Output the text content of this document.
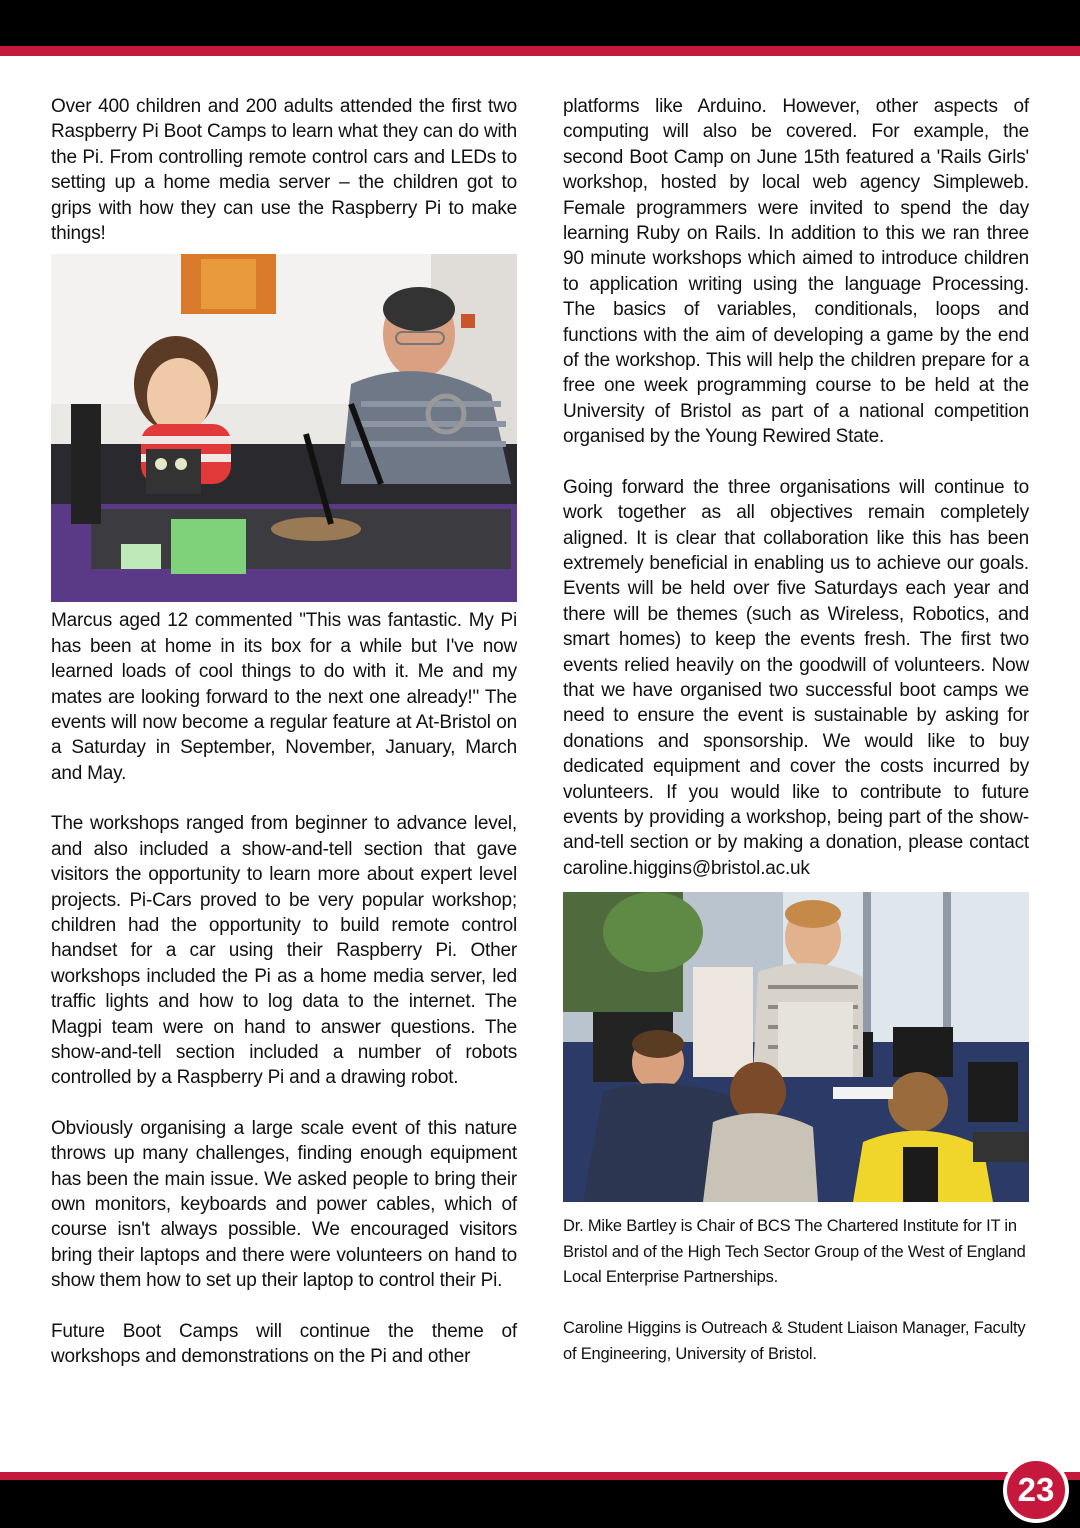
Over 400 children and 200 adults attended the first two Raspberry Pi Boot Camps to learn what they can do with the Pi. From controlling remote control cars and LEDs to setting up a home media server – the children got to grips with how they can use the Raspberry Pi to make things!

Marcus aged 12 commented "This was fantastic. My Pi has been at home in its box for a while but I've now learned loads of cool things to do with it. Me and my mates are looking forward to the next one already!" The events will now become a regular feature at At-Bristol on a Saturday in September, November, January, March and May.

The workshops ranged from beginner to advance level, and also included a show-and-tell section that gave visitors the opportunity to learn more about expert level projects. Pi-Cars proved to be very popular workshop; children had the opportunity to build remote control handset for a car using their Raspberry Pi. Other workshops included the Pi as a home media server, led traffic lights and how to log data to the internet. The Magpi team were on hand to answer questions. The show-and-tell section included a number of robots controlled by a Raspberry Pi and a drawing robot.

Obviously organising a large scale event of this nature throws up many challenges, finding enough equipment has been the main issue. We asked people to bring their own monitors, keyboards and power cables, which of course isn't always possible. We encouraged visitors bring their laptops and there were volunteers on hand to show them how to set up their laptop to control their Pi.

Future Boot Camps will continue the theme of workshops and demonstrations on the Pi and other

platforms like Arduino. However, other aspects of computing will also be covered. For example, the second Boot Camp on June 15th featured a 'Rails Girls' workshop, hosted by local web agency Simpleweb. Female programmers were invited to spend the day learning Ruby on Rails. In addition to this we ran three 90 minute workshops which aimed to introduce children to application writing using the language Processing. The basics of variables, conditionals, loops and functions with the aim of developing a game by the end of the workshop. This will help the children prepare for a free one week programming course to be held at the University of Bristol as part of a national competition organised by the Young Rewired State.

Going forward the three organisations will continue to work together as all objectives remain completely aligned. It is clear that collaboration like this has been extremely beneficial in enabling us to achieve our goals. Events will be held over five Saturdays each year and there will be themes (such as Wireless, Robotics, and smart homes) to keep the events fresh. The first two events relied heavily on the goodwill of volunteers. Now that we have organised two successful boot camps we need to ensure the event is sustainable by asking for donations and sponsorship. We would like to buy dedicated equipment and cover the costs incurred by volunteers. If you would like to contribute to future events by providing a workshop, being part of the show-and-tell section or by making a donation, please contact caroline.higgins@bristol.ac.uk

Dr. Mike Bartley is Chair of BCS The Chartered Institute for IT in Bristol and of the High Tech Sector Group of the West of England Local Enterprise Partnerships.

Caroline Higgins is Outreach & Student Liaison Manager, Faculty of Engineering, University of Bristol.

23
